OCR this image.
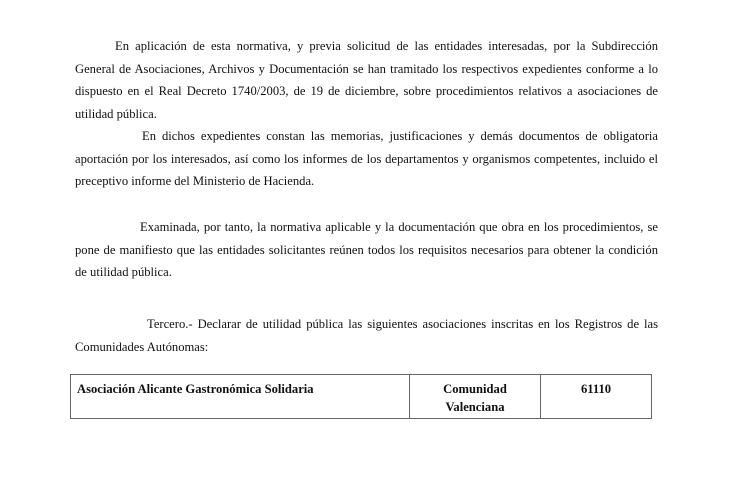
En aplicación de esta normativa, y previa solicitud de las entidades interesadas, por la Subdirección General de Asociaciones, Archivos y Documentación se han tramitado los respectivos expedientes conforme a lo dispuesto en el Real Decreto 1740/2003, de 19 de diciembre, sobre procedimientos relativos a asociaciones de utilidad pública.

En dichos expedientes constan las memorias, justificaciones y demás documentos de obligatoria aportación por los interesados, así como los informes de los departamentos y organismos competentes, incluido el preceptivo informe del Ministerio de Hacienda.

Examinada, por tanto, la normativa aplicable y la documentación que obra en los procedimientos, se pone de manifiesto que las entidades solicitantes reúnen todos los requisitos necesarios para obtener la condición de utilidad pública.

Tercero.- Declarar de utilidad pública las siguientes asociaciones inscritas en los Registros de las Comunidades Autónomas:

Asociación Alicante Gastronómica Solidaria	Comunidad Valenciana	61110
